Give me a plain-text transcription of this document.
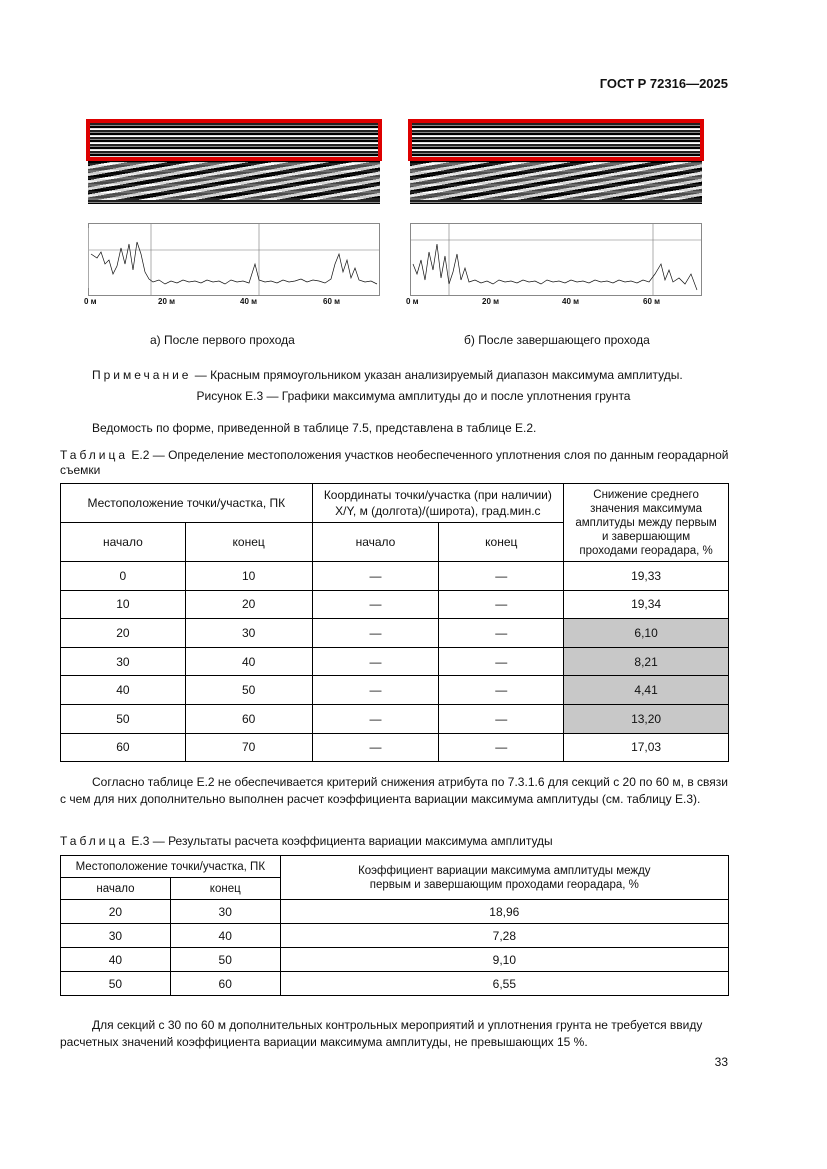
ГОСТ Р 72316—2025
0 м	20 м	40 м	60 м	0 м	20 м	40 м	60 м
а) После первого прохода	б) После завершающего прохода
Примечание — Красным прямоугольником указан анализируемый диапазон максимума амплитуды.
Рисунок Е.3 — Графики максимума амплитуды до и после уплотнения грунта
Ведомость по форме, приведенной в таблице 7.5, представлена в таблице Е.2.
Таблица Е.2 — Определение местоположения участков необеспеченного уплотнения слоя по данным георадарной съемки
Местоположение точки/участка, ПК		Координаты точки/участка (при наличии) X/Y, м (долгота)/(широта), град.мин.с		Снижение среднего значения максимума амплитуды между первым и завершающим проходами георадара, %
начало	конец	начало	конец	
0	10	—	—	19,33
10	20	—	—	19,34
20	30	—	—	6,10
30	40	—	—	8,21
40	50	—	—	4,41
50	60	—	—	13,20
60	70	—	—	17,03
Согласно таблице Е.2 не обеспечивается критерий снижения атрибута по 7.3.1.6 для секций с 20 по 60 м, в связи с чем для них дополнительно выполнен расчет коэффициента вариации максимума амплитуды (см. таблицу Е.3).
Таблица Е.3 — Результаты расчета коэффициента вариации максимума амплитуды
Местоположение точки/участка, ПК		Коэффициент вариации максимума амплитуды между первым и завершающим проходами георадара, %
начало	конец	
20	30	18,96
30	40	7,28
40	50	9,10
50	60	6,55
Для секций с 30 по 60 м дополнительных контрольных мероприятий и уплотнения грунта не требуется ввиду расчетных значений коэффициента вариации максимума амплитуды, не превышающих 15 %.
33
